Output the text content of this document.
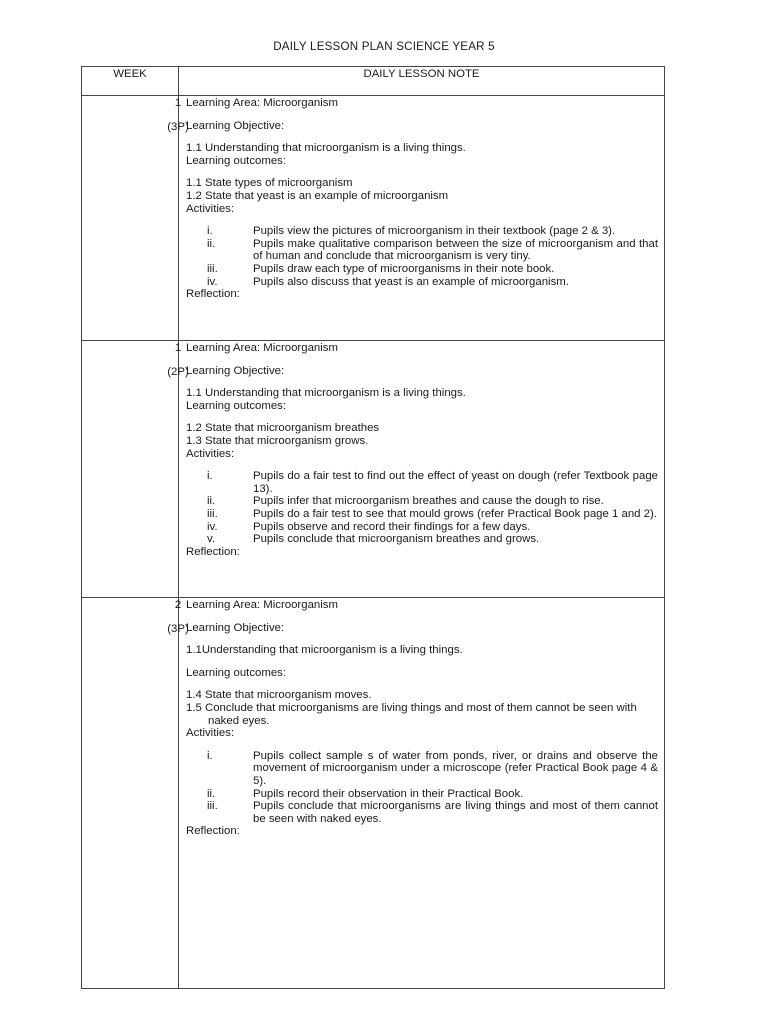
DAILY LESSON PLAN SCIENCE YEAR 5
WEEK	DAILY LESSON NOTE
1
(3P)

Learning Area: Microorganism

Learning Objective:

1.1 Understanding that microorganism is a living things.

Learning outcomes:

1.1 State types of microorganism

1.2 State that yeast is an example of microorganism

Activities:

i.	Pupils view the pictures of microorganism in their textbook (page 2 & 3).
ii.	Pupils make qualitative comparison between the size of microorganism and that of human and conclude that microorganism is very tiny.
iii.	Pupils draw each type of microorganisms in their note book.
iv.	Pupils also discuss that yeast is an example of microorganism.

Reflection:

1
(2P)

Learning Area: Microorganism

Learning Objective:

1.1 Understanding that microorganism is a living things.

Learning outcomes:

1.2 State that microorganism breathes

1.3 State that microorganism grows.

Activities:

i.	Pupils do a fair test to find out the effect of yeast on dough (refer Textbook page 13).
ii.	Pupils infer that microorganism breathes and cause the dough to rise.
iii.	Pupils do a fair test to see that mould grows (refer Practical Book page 1 and 2).
iv.	Pupils observe and record their findings for a few days.
v.	Pupils conclude that microorganism breathes and grows.

Reflection:

2
(3P)

Learning Area: Microorganism

Learning Objective:

1.1Understanding that microorganism is a living things.

Learning outcomes:

1.4 State that microorganism moves.

1.5 Conclude that microorganisms are living things and most of them cannot be seen with naked eyes.

Activities:

i.	Pupils collect sample s of water from ponds, river, or drains and observe the movement of microorganism under a microscope (refer Practical Book page 4 & 5).
ii.	Pupils record their observation in their Practical Book.
iii.	Pupils conclude that microorganisms are living things and most of them cannot be seen with naked eyes.

Reflection:
